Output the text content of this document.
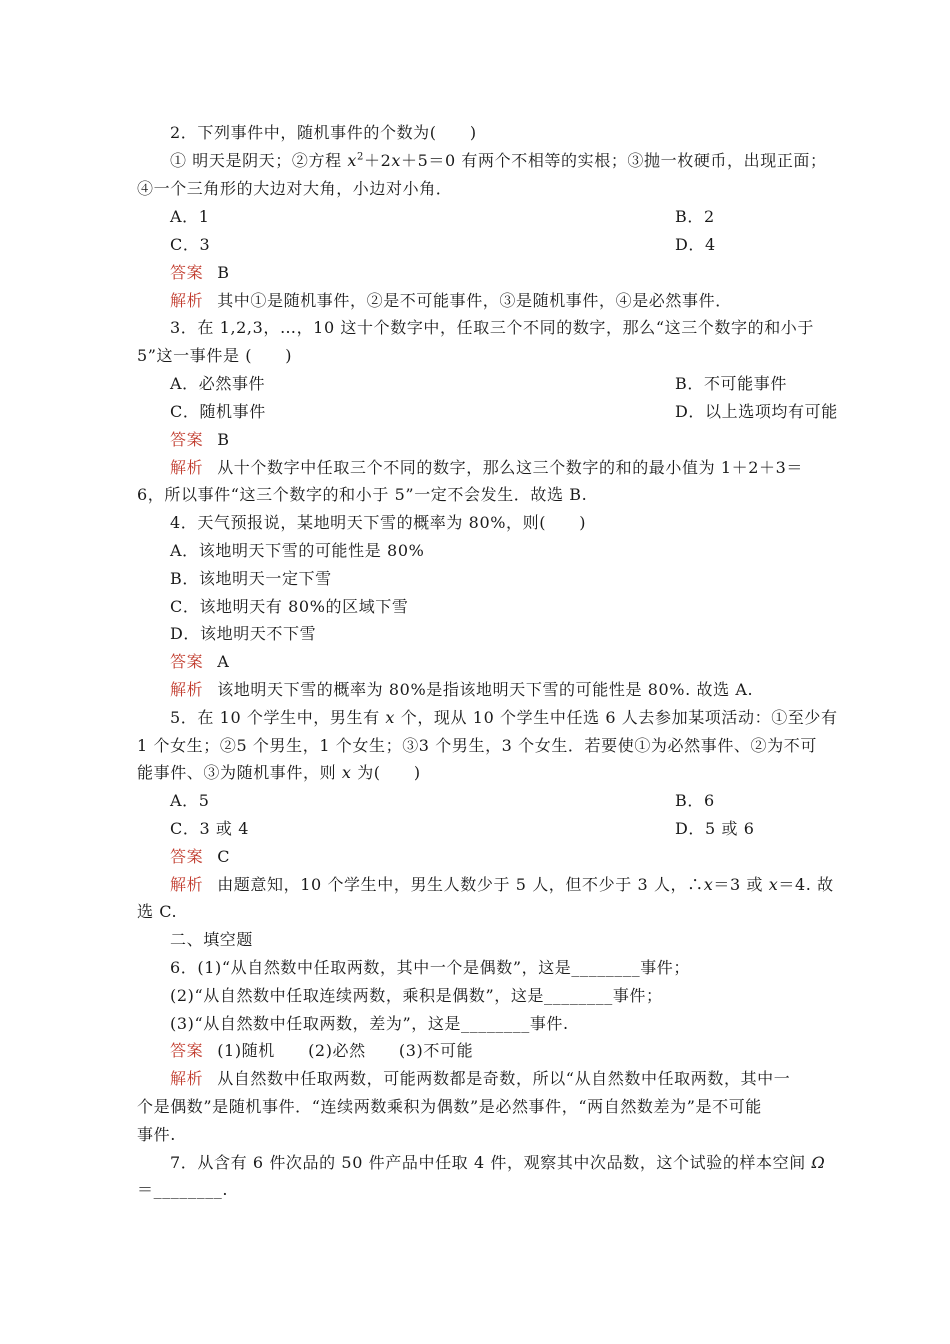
2．下列事件中，随机事件的个数为(　　)
① 明天是阴天；②方程 $x^2+2x+5=0$ 有两个不相等的实根；③抛一枚硬币，出现正面；
④一个三角形的大边对大角，小边对小角．
A．1	B．2
C．3	D．4
答案 B
解析 其中①是随机事件，②是不可能事件，③是随机事件，④是必然事件．
3．在 1,2,3，…，10 这十个数字中，任取三个不同的数字，那么“这三个数字的和小于
5”这一事件是 (　　)
A．必然事件	B．不可能事件
C．随机事件	D．以上选项均有可能
答案 B
解析 从十个数字中任取三个不同的数字，那么这三个数字的和的最小值为 1＋2＋3＝
6，所以事件“这三个数字的和小于 5”一定不会发生．故选 B.
4．天气预报说，某地明天下雪的概率为 80%，则(　　)
A．该地明天下雪的可能性是 80%
B．该地明天一定下雪
C．该地明天有 80%的区域下雪
D．该地明天不下雪
答案 A
解析 该地明天下雪的概率为 80%是指该地明天下雪的可能性是 80%. 故选 A.
5．在 10 个学生中，男生有 x 个，现从 10 个学生中任选 6 人去参加某项活动：①至少有
1 个女生；②5 个男生，1 个女生；③3 个男生，3 个女生．若要使①为必然事件、②为不可
能事件、③为随机事件，则 x 为(　　)
A．5	B．6
C．3 或 4	D．5 或 6
答案 C
解析 由题意知，10 个学生中，男生人数少于 5 人，但不少于 3 人，∴x＝3 或 x＝4. 故
选 C.
二、填空题
6．(1)“从自然数中任取两数，其中一个是偶数”，这是________事件；
(2)“从自然数中任取连续两数，乘积是偶数”，这是________事件；
(3)“从自然数中任取两数，差为”，这是________事件.
答案 (1)随机　　(2)必然　　(3)不可能
解析 从自然数中任取两数，可能两数都是奇数，所以“从自然数中任取两数，其中一
个是偶数”是随机事件．“连续两数乘积为偶数”是必然事件，“两自然数差为”是不可能
事件.
7．从含有 6 件次品的 50 件产品中任取 4 件，观察其中次品数，这个试验的样本空间 Ω
＝________.
